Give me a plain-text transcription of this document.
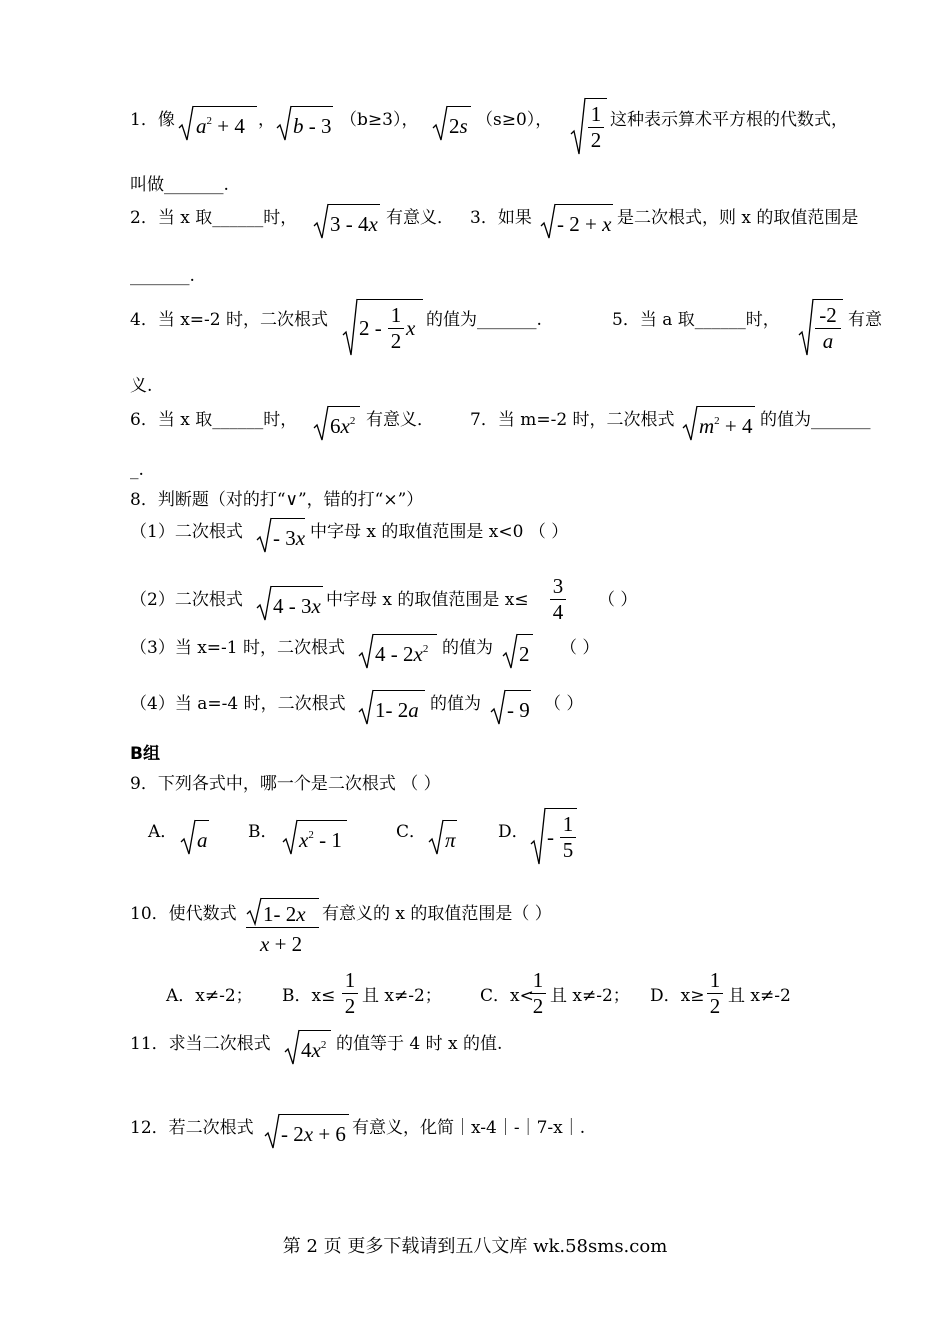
1．像 $a^2 + 4$ ， b - 3 （b≥3）， 2s （s≥0）， 1
2
这种表示算术平方根的代数式，
叫做_______.
2．当 x 取______时， 3 - 4x 有意义． 3．如果 - 2 + x 是二次根式，则 x 的取值范围是
_______.
4．当 x=-2 时，二次根式 2 -
1
2
x 的值为_______.	5．当 a 取______时， -2
a
有意
义.
6．当 x 取______时， $6x^2$ 有意义． 7．当 m=-2 时，二次根式 $m^2 + 4$ 的值为_______
_.
8．判断题（对的打“∨”，错的打“×”）
（1）二次根式 - 3x 中字母 x 的取值范围是 x<0 （ ）
（2）二次根式 4 - 3x 中字母 x 的取值范围是 x≤
3
4 （ ）
（3）当 x=-1 时，二次根式 $4 - 2x^2$ 的值为 2 （ ）
（4）当 a=-4 时，二次根式 1- 2a 的值为 - 9 （ ）
B组
9．下列各式中，哪一个是二次根式 （ ）
A． a B． $x^2 - 1$	C． π D． -
1
5
10．使代数式 1- 2x
x + 2
有意义的 x 的取值范围是（ ）
A．x≠-2； B．x≤
1
2 且 x≠-2； C．x<
1
2 且 x≠-2； D．x≥
1
2 且 x≠-2
11．求当二次根式 $4x^2$ 的值等于 4 时 x 的值.
12．若二次根式 - 2x + 6 有意义，化简｜x-4｜-｜7-x｜.
第 2 页 更多下载请到五八文库 wk.58sms.com
